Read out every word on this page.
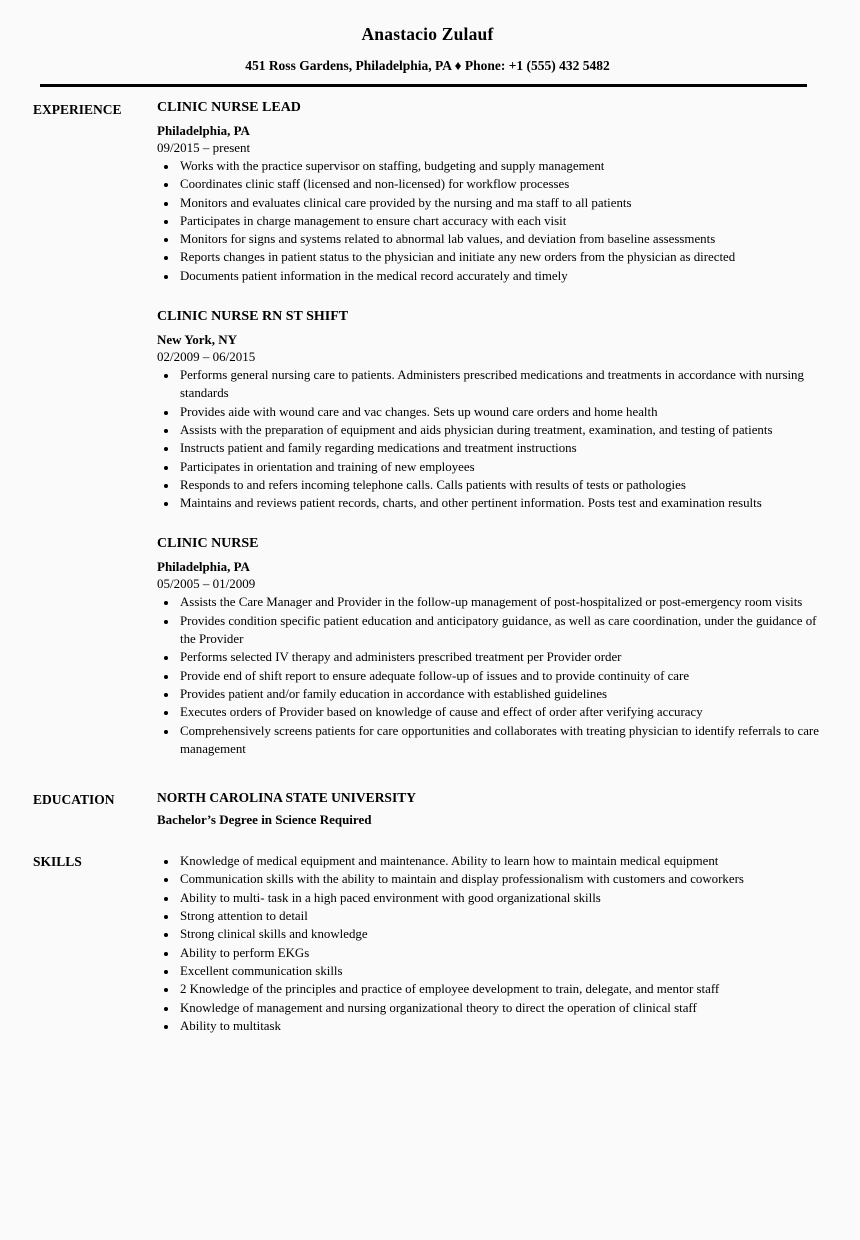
Anastacio Zulauf
451 Ross Gardens, Philadelphia, PA ♦ Phone: +1 (555) 432 5482
EXPERIENCE	CLINIC NURSE LEAD
Philadelphia, PA
09/2015 – present
• Works with the practice supervisor on staffing, budgeting and supply management
• Coordinates clinic staff (licensed and non-licensed) for workflow processes
• Monitors and evaluates clinical care provided by the nursing and ma staff to all patients
• Participates in charge management to ensure chart accuracy with each visit
• Monitors for signs and systems related to abnormal lab values, and deviation from baseline assessments
• Reports changes in patient status to the physician and initiate any new orders from the physician as directed
• Documents patient information in the medical record accurately and timely
CLINIC NURSE RN ST SHIFT
New York, NY
02/2009 – 06/2015
• Performs general nursing care to patients. Administers prescribed medications and treatments in accordance with nursing standards
• Provides aide with wound care and vac changes. Sets up wound care orders and home health
• Assists with the preparation of equipment and aids physician during treatment, examination, and testing of patients
• Instructs patient and family regarding medications and treatment instructions
• Participates in orientation and training of new employees
• Responds to and refers incoming telephone calls. Calls patients with results of tests or pathologies
• Maintains and reviews patient records, charts, and other pertinent information. Posts test and examination results
CLINIC NURSE
Philadelphia, PA
05/2005 – 01/2009
• Assists the Care Manager and Provider in the follow-up management of post-hospitalized or post-emergency room visits
• Provides condition specific patient education and anticipatory guidance, as well as care coordination, under the guidance of the Provider
• Performs selected IV therapy and administers prescribed treatment per Provider order
• Provide end of shift report to ensure adequate follow-up of issues and to provide continuity of care
• Provides patient and/or family education in accordance with established guidelines
• Executes orders of Provider based on knowledge of cause and effect of order after verifying accuracy
• Comprehensively screens patients for care opportunities and collaborates with treating physician to identify referrals to care management
EDUCATION	NORTH CAROLINA STATE UNIVERSITY
Bachelor’s Degree in Science Required
SKILLS	• Knowledge of medical equipment and maintenance. Ability to learn how to maintain medical equipment
• Communication skills with the ability to maintain and display professionalism with customers and coworkers
• Ability to multi- task in a high paced environment with good organizational skills
• Strong attention to detail
• Strong clinical skills and knowledge
• Ability to perform EKGs
• Excellent communication skills
• 2 Knowledge of the principles and practice of employee development to train, delegate, and mentor staff
• Knowledge of management and nursing organizational theory to direct the operation of clinical staff
• Ability to multitask
